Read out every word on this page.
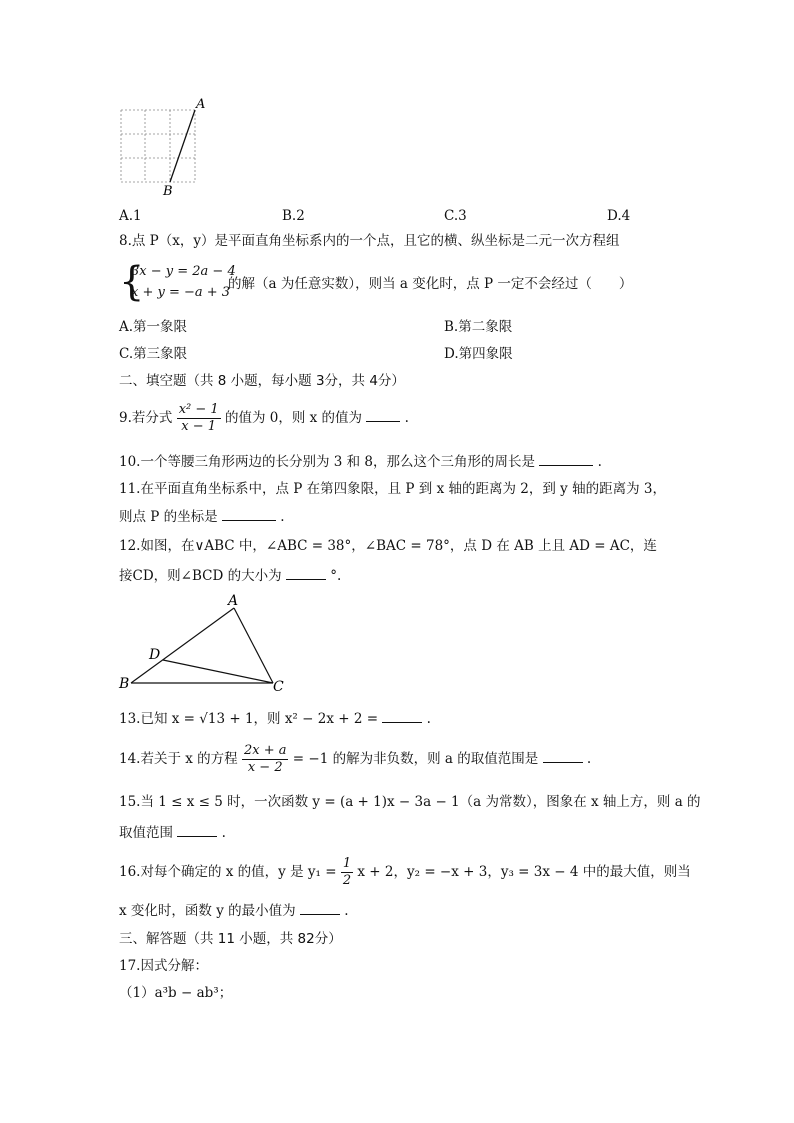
A
B
A.1	B.2	C.3	D.4
8.点 P（x，y）是平面直角坐标系内的一个点，且它的横、纵坐标是二元一次方程组
{
3x − y = 2a − 4
x + y = −a + 3
的解（a 为任意实数），则当 a 变化时，点 P 一定不会经过（　　）
A.第一象限	B.第二象限
C.第三象限	D.第四象限
二、填空题（共 8 小题，每小题 3分，共 4分）
9.若分式 $\frac{\text{x² − 1}}{x - 1}$ 的值为 0，则 x 的值为	.
10.一个等腰三角形两边的长分别为 3 和 8，那么这个三角形的周长是	.
11.在平面直角坐标系中，点 P 在第四象限，且 P 到 x 轴的距离为 2，到 y 轴的距离为 3，
则点 P 的坐标是	.
12.如图，在∨ABC 中，∠ABC = 38°，∠BAC = 78°，点 D 在 AB 上且 AD = AC，连
接CD，则∠BCD 的大小为	°.
A
B	C
D
13.已知 x = √13 + 1，则 x² − 2x + 2 =	.
14.若关于 x 的方程 $\frac{2x + a}{x - 2} = -1$ 的解为非负数，则 a 的取值范围是	.
15.当 1 ≤ x ≤ 5 时，一次函数 y = (a + 1)x − 3a − 1（a 为常数），图象在 x 轴上方，则 a 的
取值范围	.
16.对每个确定的 x 的值，y 是 $y_1 = \frac{1}{2}$ x + 2，y₂ = −x + 3，y₃ = 3x − 4 中的最大值，则当
x 变化时，函数 y 的最小值为	.
三、解答题（共 11 小题，共 82分）
17.因式分解：
（1）a³b − ab³；
